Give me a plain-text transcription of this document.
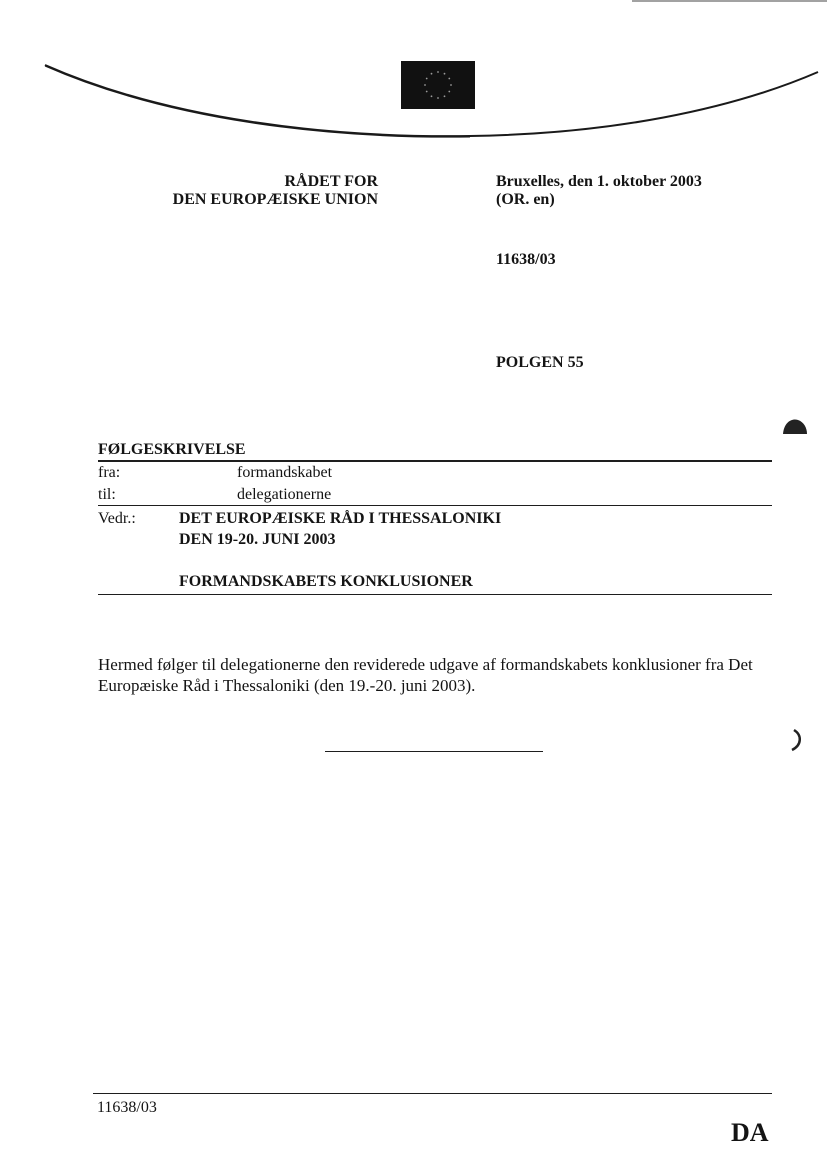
RÅDET FOR
DEN EUROPÆISKE UNION
Bruxelles, den 1. oktober 2003
(OR. en)
11638/03
POLGEN 55
FØLGESKRIVELSE
fra:	formandskabet
til:	delegationerne
Vedr.:	DET EUROPÆISKE RÅD I THESSALONIKI
DEN 19-20. JUNI 2003
FORMANDSKABETS KONKLUSIONER
Hermed følger til delegationerne den reviderede udgave af formandskabets konklusioner fra Det Europæiske Råd i Thessaloniki (den 19.-20. juni 2003).
11638/03
DA
